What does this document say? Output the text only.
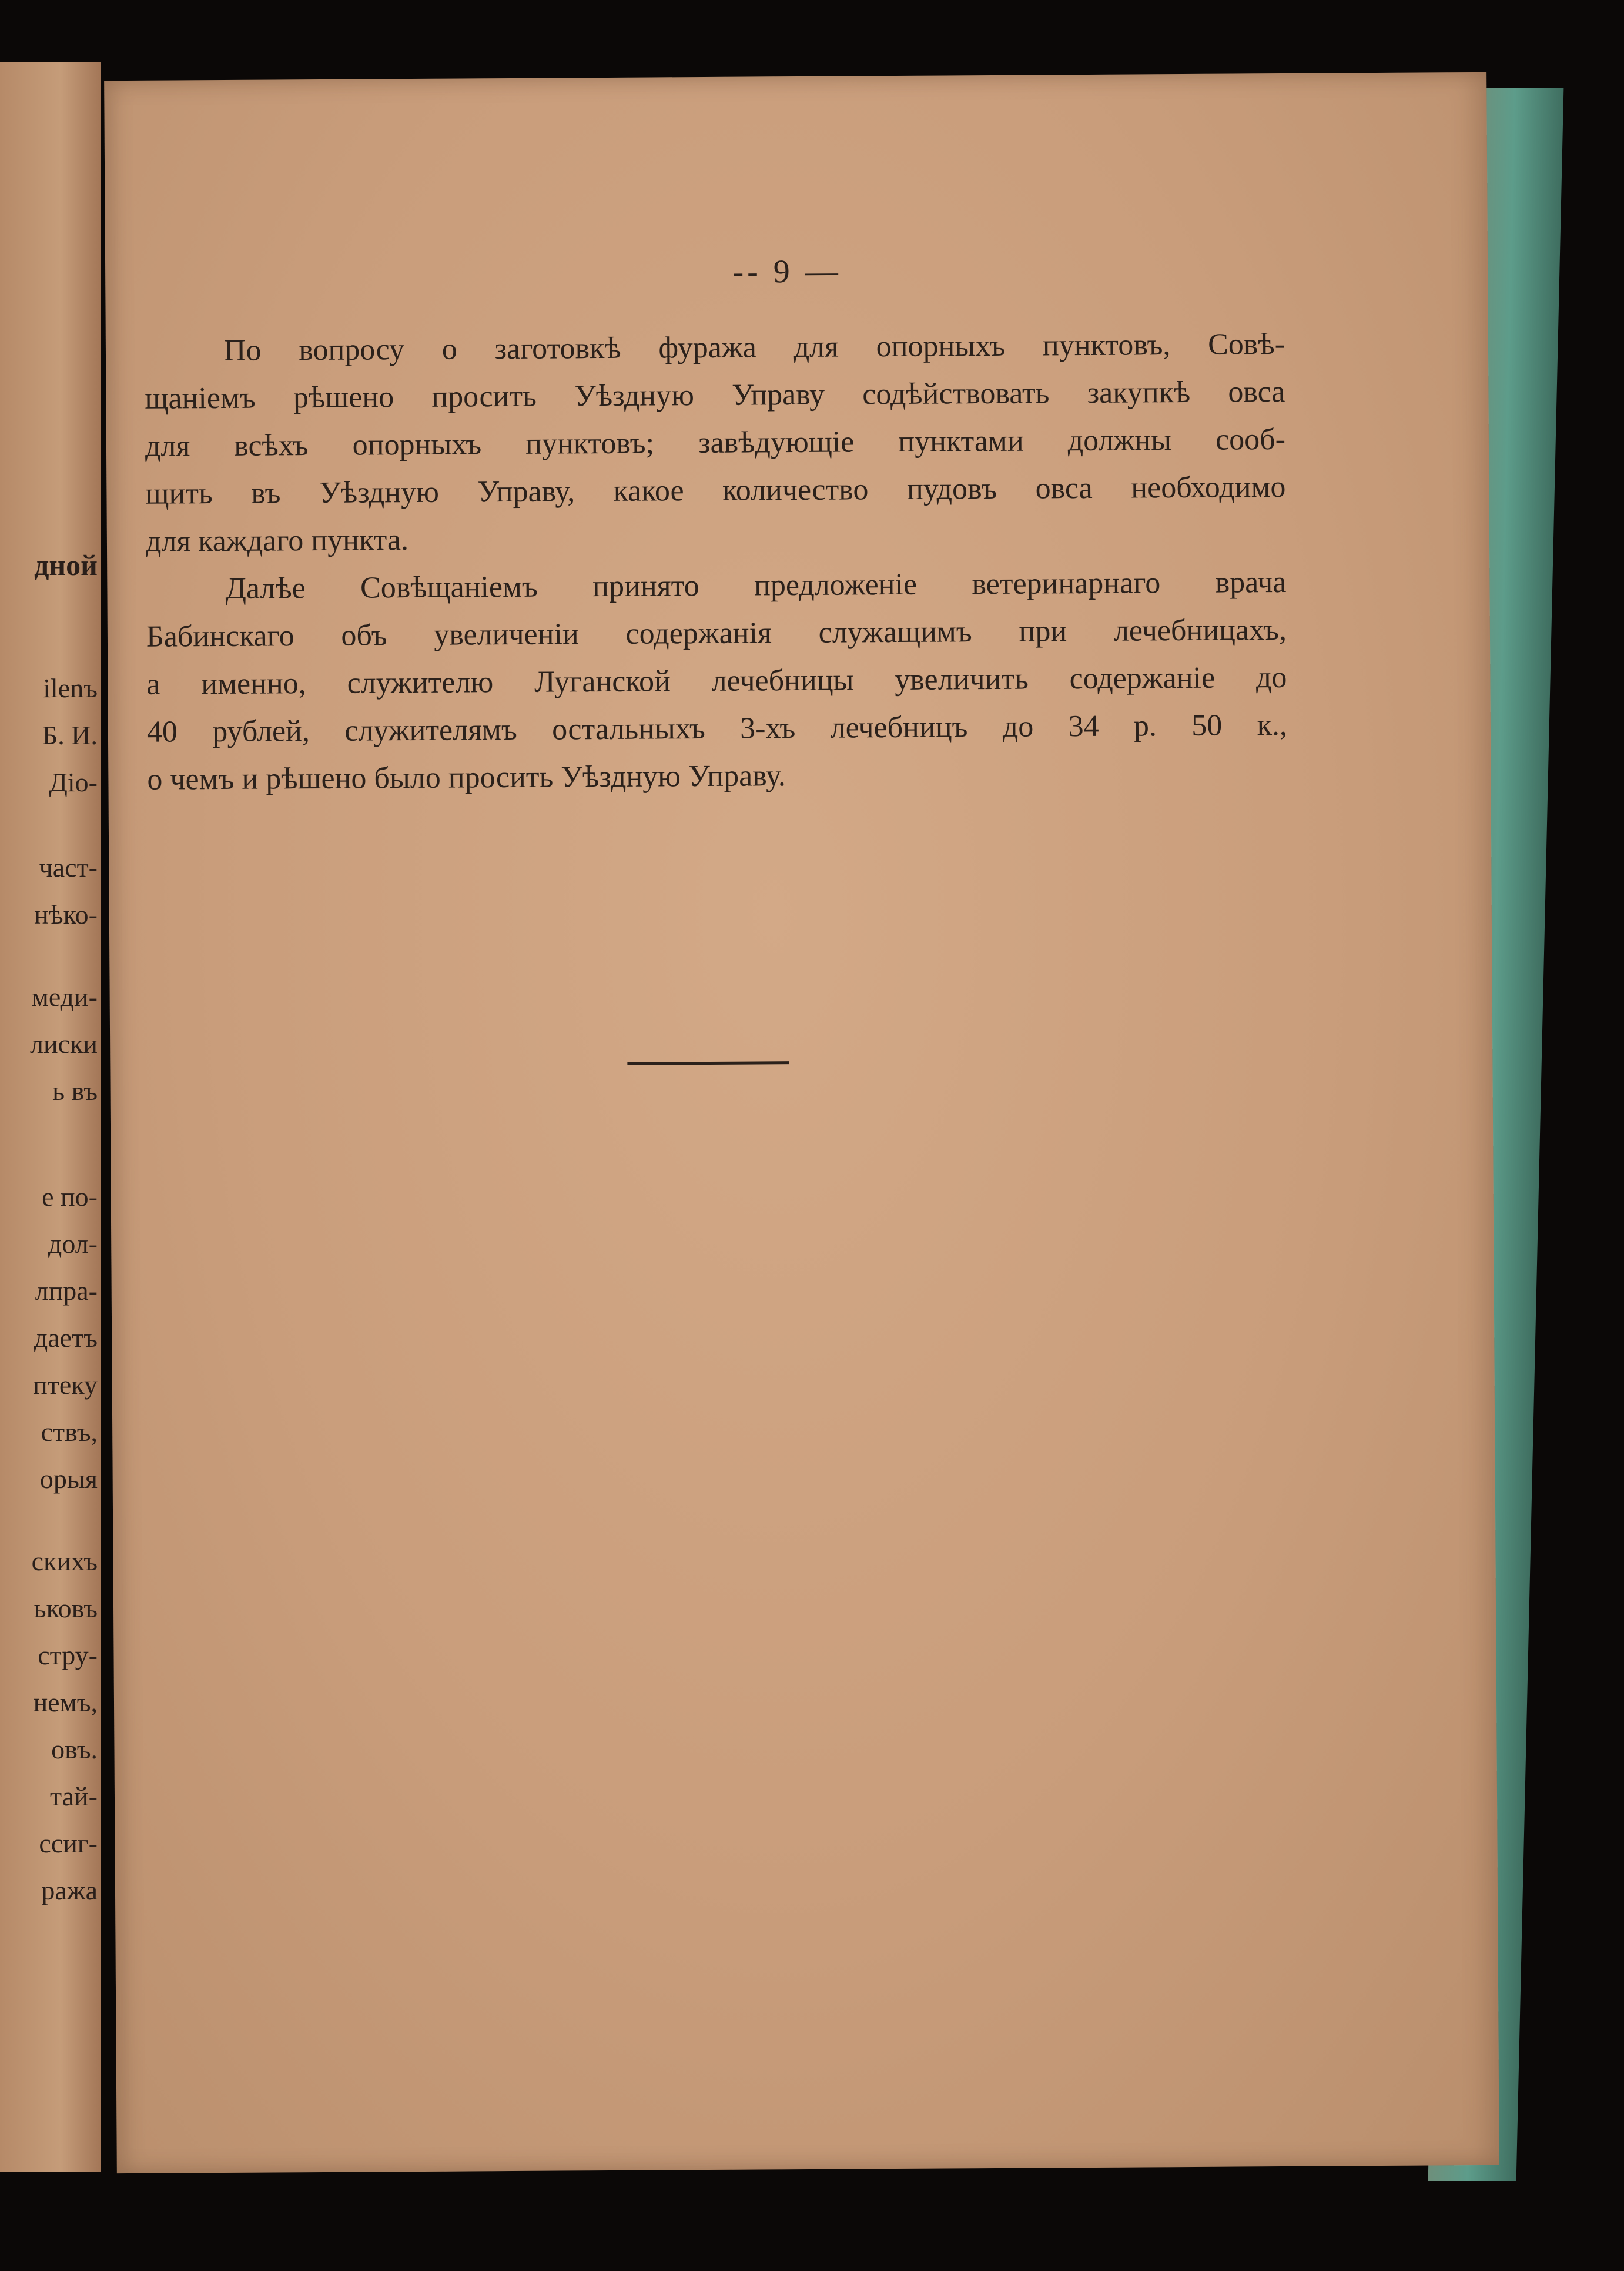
дной
ilenъ
Б. И.
Діо-
част-
нѣко-
меди-
лиски
ь въ
е по-
дол-
лпра-
даетъ
птеку
ствъ,
орыя
скихъ
ьковъ
стру-
немъ,
овъ.
тай-
ссиг-
ража
-- 9 —
По вопросу о заготовкѣ фуража для опорныхъ пунктовъ, Совѣ-
щаніемъ рѣшено просить Уѣздную Управу содѣйствовать закупкѣ овса
для всѣхъ опорныхъ пунктовъ; завѣдующіе пунктами должны сооб-
щить въ Уѣздную Управу, какое количество пудовъ овса необходимо
для каждаго пункта.
Далѣе Совѣщаніемъ принято предложеніе ветеринарнаго врача
Бабинскаго объ увеличеніи содержанія служащимъ при лечебницахъ,
а именно, служителю Луганской лечебницы увеличить содержаніе до
40 рублей, служителямъ остальныхъ 3-хъ лечебницъ до 34 р. 50 к.,
о чемъ и рѣшено было просить Уѣздную Управу.
